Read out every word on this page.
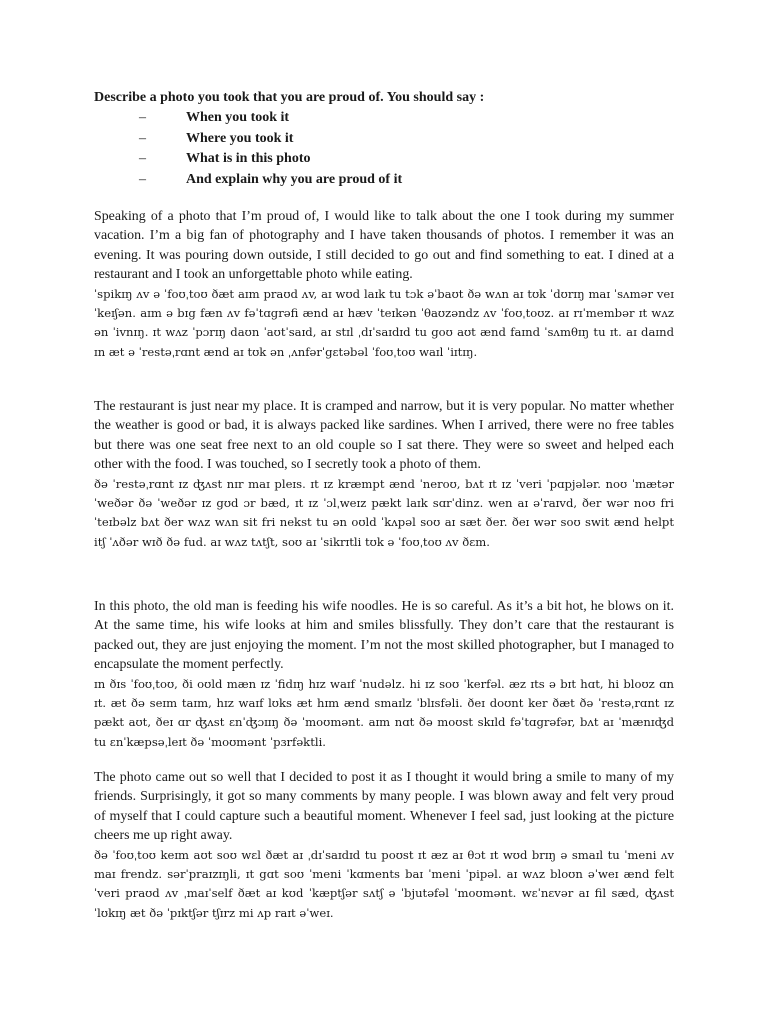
Describe a photo you took that you are proud of. You should say :
–	When you took it
–	Where you took it
–	What is in this photo
–	And explain why you are proud of it

Speaking of a photo that I’m proud of, I would like to talk about the one I took during my summer vacation. I’m a big fan of photography and I have taken thousands of photos. I remember it was an evening. It was pouring down outside, I still decided to go out and find something to eat. I dined at a restaurant and I took an unforgettable photo while eating.

ˈspikɪŋ ʌv ə ˈfoʊˌtoʊ ðæt aɪm praʊd ʌv, aɪ wʊd laɪk tu tɔk əˈbaʊt ðə wʌn aɪ tʊk ˈdʊrɪŋ maɪ ˈsʌmər veɪˈkeɪʃən. aɪm ə bɪg fæn ʌv fəˈtɑgrəfi ænd aɪ hæv ˈteɪkən ˈθaʊzəndz ʌv ˈfoʊˌtoʊz. aɪ rɪˈmembər ɪt wʌz ən ˈivnɪŋ. ɪt wʌz ˈpɔrɪŋ daʊn ˈaʊtˈsaɪd, aɪ stɪl ˌdɪˈsaɪdɪd tu goʊ aʊt ænd faɪnd ˈsʌmθɪŋ tu ɪt. aɪ daɪnd ɪn æt ə ˈrestəˌrɑnt ænd aɪ tʊk ən ˌʌnfərˈgɛtəbəl ˈfoʊˌtoʊ waɪl ˈiɪtɪŋ.

The restaurant is just near my place. It is cramped and narrow, but it is very popular. No matter whether the weather is good or bad, it is always packed like sardines. When I arrived, there were no free tables but there was one seat free next to an old couple so I sat there. They were so sweet and helped each other with the food. I was touched, so I secretly took a photo of them.

ðə ˈrestəˌrɑnt ɪz ʤʌst nɪr maɪ pleɪs. ɪt ɪz kræmpt ænd ˈneroʊ, bʌt ɪt ɪz ˈveri ˈpɑpjələr. noʊ ˈmætər ˈweðər ðə ˈweðər ɪz gʊd ɔr bæd, ɪt ɪz ˈɔlˌweɪz pækt laɪk sɑrˈdinz. wen aɪ əˈraɪvd, ðer wər noʊ fri ˈteɪbəlz bʌt ðer wʌz wʌn sit fri nekst tu ən oʊld ˈkʌpəl soʊ aɪ sæt ðer. ðeɪ wər soʊ swit ænd helpt itʃ ˈʌðər wɪð ðə fud. aɪ wʌz tʌtʃt, soʊ aɪ ˈsikrɪtli tʊk ə ˈfoʊˌtoʊ ʌv ðɛm.

In this photo, the old man is feeding his wife noodles. He is so careful. As it’s a bit hot, he blows on it. At the same time, his wife looks at him and smiles blissfully. They don’t care that the restaurant is packed out, they are just enjoying the moment. I’m not the most skilled photographer, but I managed to encapsulate the moment perfectly.

ɪn ðɪs ˈfoʊˌtoʊ, ði oʊld mæn ɪz ˈfidɪŋ hɪz waɪf ˈnudəlz. hi ɪz soʊ ˈkerfəl. æz ɪts ə bɪt hɑt, hi bloʊz ɑn ɪt. æt ðə seɪm taɪm, hɪz waɪf lʊks æt hɪm ænd smaɪlz ˈblɪsfəli. ðeɪ doʊnt ker ðæt ðə ˈrestəˌrɑnt ɪz pækt aʊt, ðeɪ ɑr ʤʌst ɛnˈʤɔɪɪŋ ðə ˈmoʊmənt. aɪm nɑt ðə moʊst skɪld fəˈtɑgrəfər, bʌt aɪ ˈmænɪʤd tu ɛnˈkæpsəˌleɪt ðə ˈmoʊmənt ˈpɜrfəktli.

The photo came out so well that I decided to post it as I thought it would bring a smile to many of my friends. Surprisingly, it got so many comments by many people. I was blown away and felt very proud of myself that I could capture such a beautiful moment. Whenever I feel sad, just looking at the picture cheers me up right away.

ðə ˈfoʊˌtoʊ keɪm aʊt soʊ wɛl ðæt aɪ ˌdɪˈsaɪdɪd tu poʊst ɪt æz aɪ θɔt ɪt wʊd brɪŋ ə smaɪl tu ˈmeni ʌv maɪ frendz. sərˈpraɪzɪŋli, ɪt gɑt soʊ ˈmeni ˈkɑments baɪ ˈmeni ˈpipəl. aɪ wʌz bloʊn əˈweɪ ænd felt ˈveri praʊd ʌv ˌmaɪˈself ðæt aɪ kʊd ˈkæptʃər sʌtʃ ə ˈbjutəfəl ˈmoʊmənt. wɛˈnɛvər aɪ fil sæd, ʤʌst ˈlʊkɪŋ æt ðə ˈpɪktʃər tʃɪrz mi ʌp raɪt əˈweɪ.
